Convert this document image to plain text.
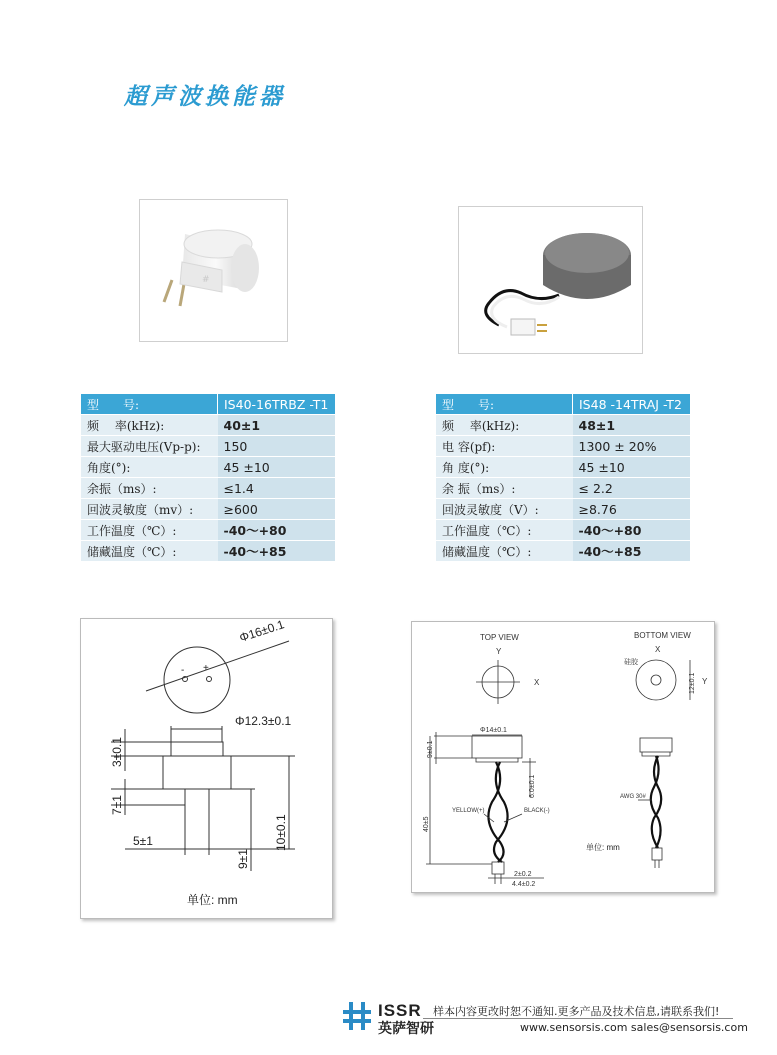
超声波换能器
#
型　　号:	IS40-16TRBZ -T1
频　 率(kHz):	40±1
最大驱动电压(Vp-p):	150
角度(°):	45 ±10
余振（ms）:	≤1.4
回波灵敏度（mv）:	≥600
工作温度（℃）:	-40～+80
储藏温度（℃）:	-40～+85
型　　号:	IS48 -14TRAJ -T2
频　 率(kHz):	48±1
电 容(pf):	1300 ± 20%
角 度(°):	45 ±10
余 振（ms）:	≤ 2.2
回波灵敏度（V）:	≥8.76
工作温度（℃）:	-40～+80
储藏温度（℃）:	-40～+85
Φ16±0.1
- +
Φ12.3±0.1
3±0.1
7±1
5±1	10±0.1
9±1
单位: mm
TOP VIEW	BOTTOM VIEW
Y
X
X
硅胶
12±0.1 Y
Φ14±0.1
9±0.1
6.0±0.1
YELLOW(+)	BLACK(-)
40±5
2±0.2
4.4±0.2
AWG 30#
单位: mm
ISSR
英萨智研
样本内容更改时恕不通知.更多产品及技术信息,请联系我们!
www.sensorsis.com sales@sensorsis.com
